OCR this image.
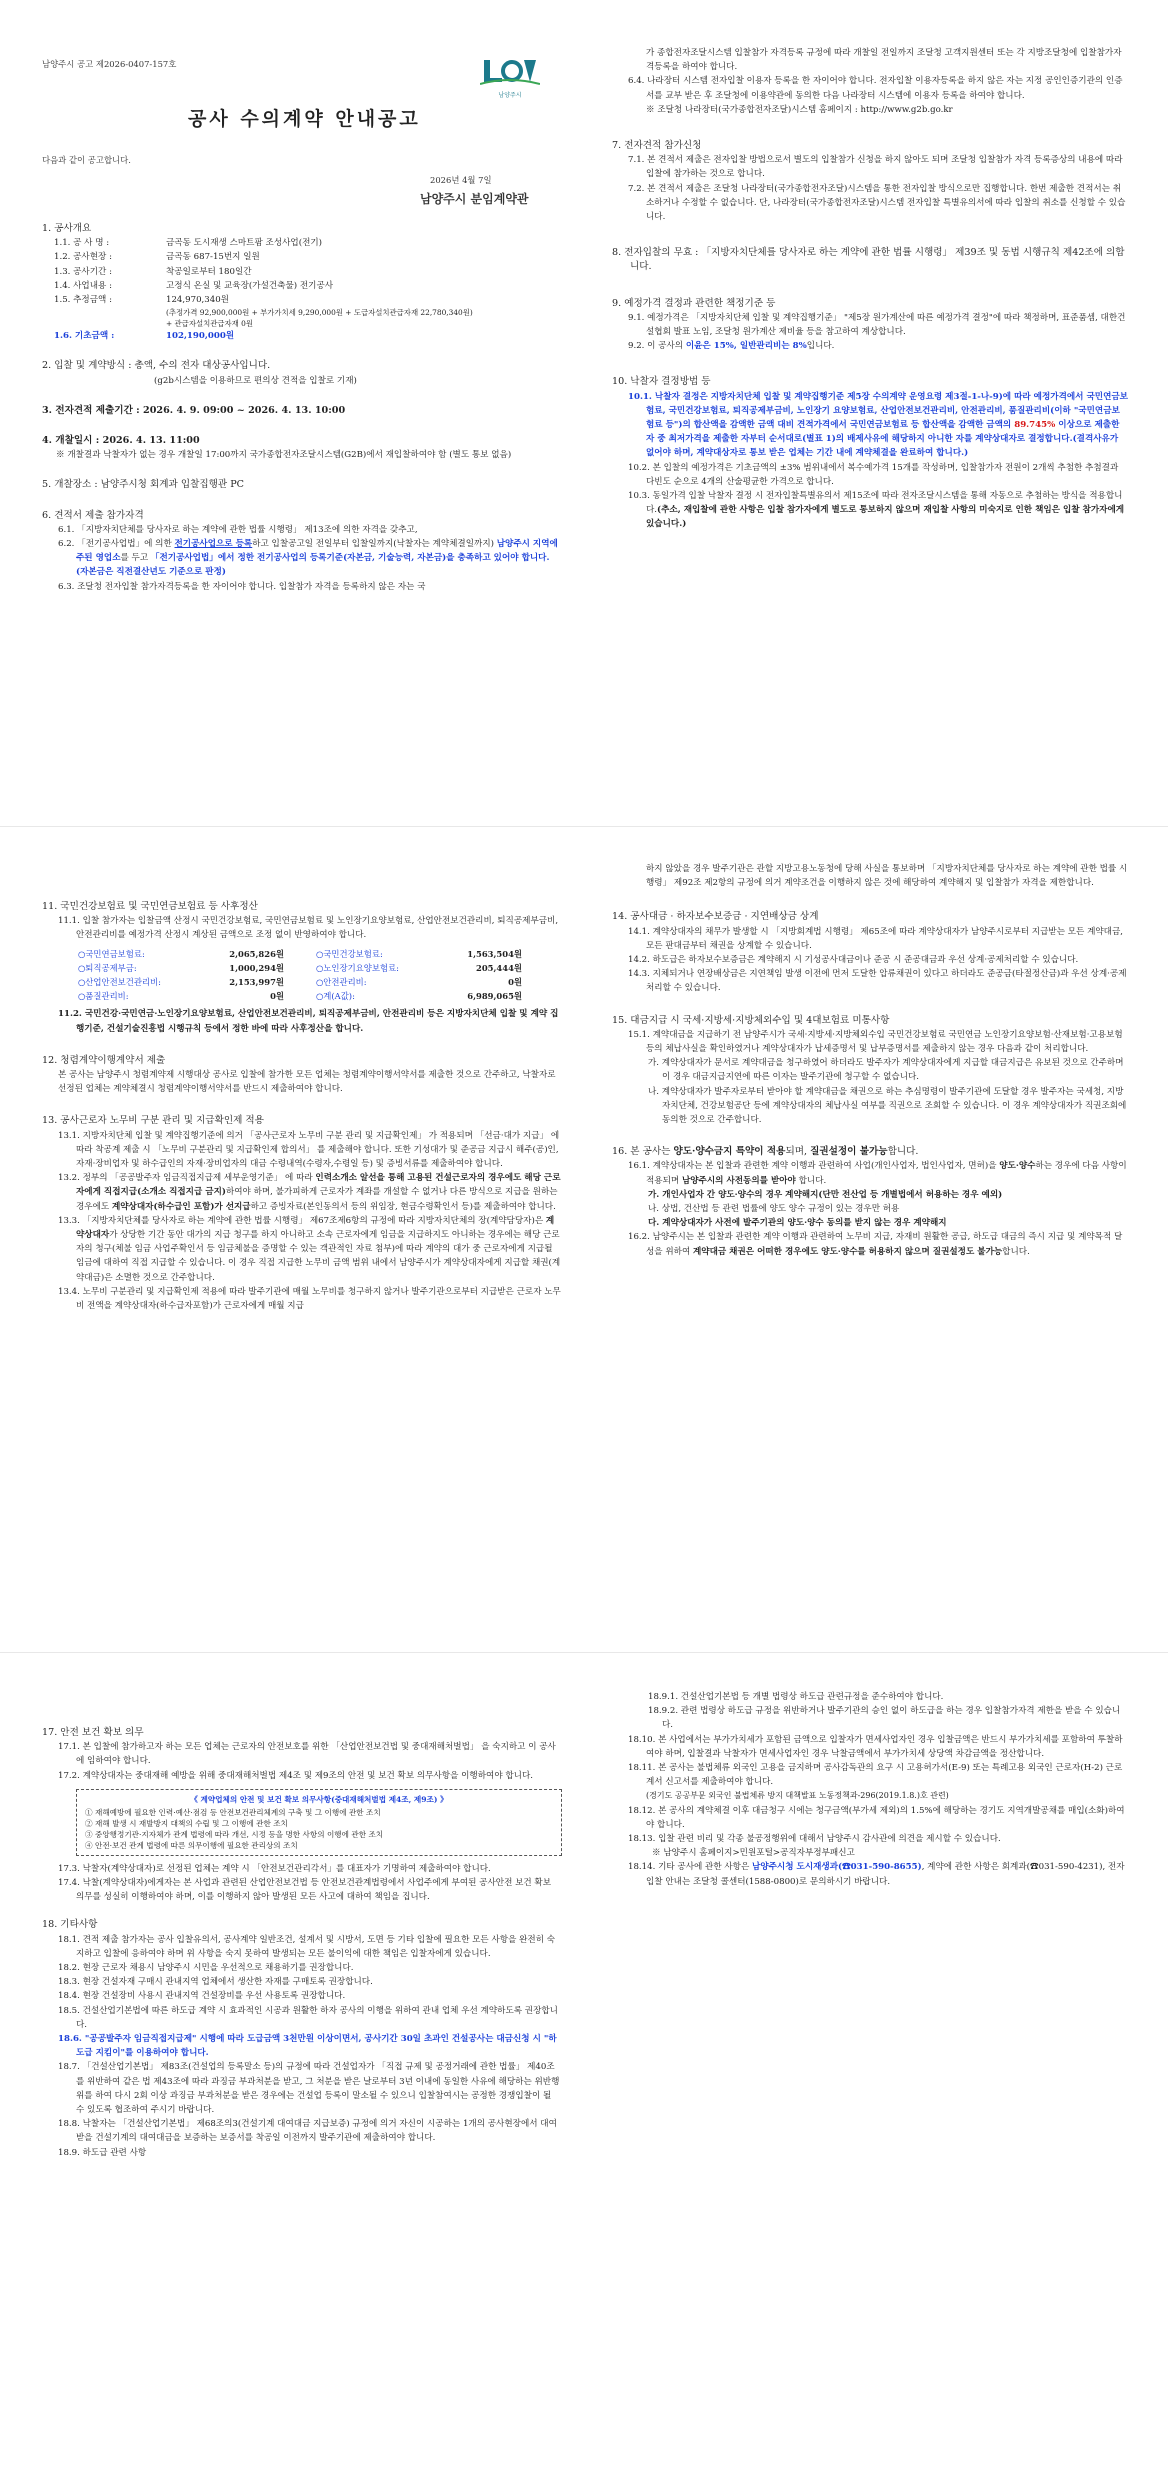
남양주시 공고 제2026-0407-157호
남양주시
공사 수의계약 안내공고
다음과 같이 공고합니다.
2026년 4월 7일
남양주시 분임계약관

1. 공사개요

1.1. 공 사 명 :	금곡동 도시재생 스마트팜 조성사업(전기)
1.2. 공사현장 :	금곡동 687-15번지 일원
1.3. 공사기간 :	착공일로부터 180일간
1.4. 사업내용 :	고정식 온실 및 교육장(가설건축물) 전기공사
1.5. 추정금액 :	124,970,340원
(추정가격 92,900,000원 + 부가가치세 9,290,000원 + 도급자설치관급자재 22,780,340원)
+ 관급자설치관급자재 0원
1.6. 기초금액 :	102,190,000원

2. 입찰 및 계약방식 : 총액, 수의 전자 대상공사입니다.

(g2b시스템을 이용하므로 편의상 견적을 입찰로 기재)

3. 전자견적 제출기간 : 2026. 4. 9. 09:00 ~ 2026. 4. 13. 10:00

4. 개찰일시 : 2026. 4. 13. 11:00

※ 개찰결과 낙찰자가 없는 경우 개찰일 17:00까지 국가종합전자조달시스템(G2B)에서 재입찰하여야 함 (별도 통보 없음)

5. 개찰장소 : 남양주시청 회계과 입찰집행관 PC

6. 견적서 제출 참가자격

6.1. 「지방자치단체를 당사자로 하는 계약에 관한 법률 시행령」 제13조에 의한 자격을 갖추고,

6.2. 「전기공사업법」에 의한 전기공사업으로 등록하고 입찰공고일 전일부터 입찰일까지(낙찰자는 계약체결일까지) 남양주시 지역에 주된 영업소를 두고 「전기공사업법」에서 정한 전기공사업의 등록기준(자본금, 기술능력, 자본금)을 충족하고 있어야 합니다. (자본금은 직전결산년도 기준으로 판정)

6.3. 조달청 전자입찰 참가자격등록을 한 자이어야 합니다. 입찰참가 자격을 등록하지 않은 자는 국

가 종합전자조달시스템 입찰참가 자격등록 규정에 따라 개찰일 전일까지 조달청 고객지원센터 또는 각 지방조달청에 입찰참가자격등록을 하여야 합니다.

6.4. 나라장터 시스템 전자입찰 이용자 등록을 한 자이어야 합니다. 전자입찰 이용자등록을 하지 않은 자는 지정 공인인증기관의 인증서를 교부 받은 후 조달청에 이용약관에 동의한 다음 나라장터 시스템에 이용자 등록을 하여야 합니다.

※ 조달청 나라장터(국가종합전자조달)시스템 홈페이지 : http://www.g2b.go.kr

7. 전자견적 참가신청

7.1. 본 견적서 제출은 전자입찰 방법으로서 별도의 입찰참가 신청을 하지 않아도 되며 조달청 입찰참가 자격 등록증상의 내용에 따라 입찰에 참가하는 것으로 합니다.

7.2. 본 견적서 제출은 조달청 나라장터(국가종합전자조달)시스템을 통한 전자입찰 방식으로만 집행합니다. 한번 제출한 견적서는 취소하거나 수정할 수 없습니다. 단, 나라장터(국가종합전자조달)시스템 전자입찰 특별유의서에 따라 입찰의 취소를 신청할 수 있습니다.

8. 전자입찰의 무효 : 「지방자치단체를 당사자로 하는 계약에 관한 법률 시행령」 제39조 및 동법 시행규칙 제42조에 의합니다.

9. 예정가격 결정과 관련한 책정기준 등

9.1. 예정가격은 「지방자치단체 입찰 및 계약집행기준」 "제5장 원가계산에 따른 예정가격 결정"에 따라 책정하며, 표준품셈, 대한건설협회 발표 노임, 조달청 원가계산 제비율 등을 참고하여 계상합니다.

9.2. 이 공사의 이윤은 15%, 일반관리비는 8%입니다.

10. 낙찰자 결정방법 등

10.1. 낙찰자 결정은 지방자치단체 입찰 및 계약집행기준 제5장 수의계약 운영요령 제3절-1-나-9)에 따라 예정가격에서 국민연금보험료, 국민건강보험료, 퇴직공제부금비, 노인장기 요양보험료, 산업안전보건관리비, 안전관리비, 품질관리비(이하 "국민연금보험료 등")의 합산액을 감액한 금액 대비 견적가격에서 국민연금보험료 등 합산액을 감액한 금액의 89.745% 이상으로 제출한 자 중 최저가격을 제출한 자부터 순서대로(별표 1)의 배제사유에 해당하지 아니한 자를 계약상대자로 결정합니다.(결격사유가 없어야 하며, 계약대상자로 통보 받은 업체는 기간 내에 계약체결을 완료하여 합니다.)

10.2. 본 입찰의 예정가격은 기초금액의 ±3% 범위내에서 복수예가격 15개를 작성하며, 입찰참가자 전원이 2개씩 추첨한 추첨결과 다빈도 순으로 4개의 산술평균한 가격으로 합니다.

10.3. 동일가격 입찰 낙찰자 결정 시 전자입찰특별유의서 제15조에 따라 전자조달시스템을 통해 자동으로 추첨하는 방식을 적용합니다.(추소, 재입찰에 관한 사항은 입찰 참가자에게 별도로 통보하지 않으며 재입찰 사항의 미숙지로 인한 책임은 입찰 참가자에게 있습니다.)

11. 국민건강보험료 및 국민연금보험료 등 사후정산

11.1. 입찰 참가자는 입찰금액 산정시 국민건강보험료, 국민연금보험료 및 노인장기요양보험료, 산업안전보건관리비, 퇴직공제부금비, 안전관리비를 예정가격 산정시 계상된 금액으로 조정 없이 반영하여야 합니다.

○국민연금보험료:	2,065,826원		○국민건강보험료:	1,563,504원
○퇴직공제부금:	1,000,294원		○노인장기요양보험료:	205,444원
○산업안전보건관리비:	2,153,997원		○안전관리비:	0원
○품질관리비:	0원		○계(A값):	6,989,065원

11.2. 국민건강·국민연금·노인장기요양보험료, 산업안전보건관리비, 퇴직공제부금비, 안전관리비 등은 지방자치단체 입찰 및 계약 집행기준, 건설기술진흥법 시행규칙 등에서 정한 바에 따라 사후정산을 합니다.

12. 청렴계약이행계약서 제출

본 공사는 남양주시 청렴계약제 시행대상 공사로 입찰에 참가한 모든 업체는 청렴계약이행서약서를 제출한 것으로 간주하고, 낙찰자로 선정된 업체는 계약체결시 청렴계약이행서약서를 반드시 제출하여야 합니다.

13. 공사근로자 노무비 구분 관리 및 지급확인제 적용

13.1. 지방자치단체 입찰 및 계약집행기준에 의거 「공사근로자 노무비 구분 관리 및 지급확인제」 가 적용되며 「선금·대가 지급」 에 따라 착공계 제출 시 「노무비 구분관리 및 지급확인제 합의서」 를 제출해야 합니다. 또한 기성대가 및 준공금 지급시 해주(공)인, 자재·장비업자 및 하수급인의 자재·장비업자의 대금 수령내역(수령자,수령일 등) 및 증빙서류를 제출하여야 합니다.

13.2. 정부의 「공공발주자 임금직접지급제 세부운영기준」 에 따라 인력소개소 알선을 통해 고용된 건설근로자의 경우에도 해당 근로자에게 직접지급(소개소 직접지급 금지)하여야 하며, 불가피하게 근로자가 계좌를 개설할 수 없거나 다른 방식으로 지급을 원하는 경우에도 계약상대자(하수급인 포함)가 선지급하고 증빙자료(본인동의서 등의 위임장, 현금수령확인서 등)를 제출하여야 합니다.

13.3. 「지방자치단체를 당사자로 하는 계약에 관한 법률 시행령」 제67조제6항의 규정에 따라 지방자치단체의 장(계약담당자)은 계약상대자가 상당한 기간 동안 대가의 지급 청구를 하지 아니하고 소속 근로자에게 임금을 지급하지도 아니하는 경우에는 해당 근로자의 청구(체불 임금 사업주확인서 등 임금체불을 증명할 수 있는 객관적인 자료 첨부)에 따라 계약의 대가 중 근로자에게 지급될 임금에 대하여 직접 지급할 수 있습니다. 이 경우 직접 지급한 노무비 금액 범위 내에서 남양주시가 계약상대자에게 지급할 채권(계약대금)은 소멸한 것으로 간주합니다.

13.4. 노무비 구분관리 및 지급확인제 적용에 따라 발주기관에 매월 노무비를 청구하지 않거나 발주기관으로부터 지급받은 근로자 노무비 전액을 계약상대자(하수급자포함)가 근로자에게 매월 지급

하지 않았을 경우 발주기관은 관할 지방고용노동청에 당해 사실을 통보하며 「지방자치단체를 당사자로 하는 계약에 관한 법률 시행령」 제92조 제2항의 규정에 의거 계약조건을 이행하지 않은 것에 해당하여 계약해지 및 입찰참가 자격을 제한합니다.

14. 공사대금 · 하자보수보증금 · 지연배상금 상계

14.1. 계약상대자의 채무가 발생할 시 「지방회계법 시행령」 제65조에 따라 계약상대자가 남양주시로부터 지급받는 모든 계약대금, 모든 판대금부터 채권을 상계할 수 있습니다.

14.2. 하도급은 하자보수보증금은 계약해지 시 기성공사대금이나 준공 시 준공대금과 우선 상계·공제처리할 수 있습니다.

14.3. 지체되거나 연장배상금은 지연책임 발생 이전에 먼저 도달한 압류채권이 있다고 하더라도 준공금(타절정산금)과 우선 상계·공제처리할 수 있습니다.

15. 대금지급 시 국세·지방세·지방체외수입 및 4대보험료 미통사항

15.1. 계약대금을 지급하기 전 남양주시가 국세·지방세·지방체외수입 국민건강보험료 국민연금 노인장기요양보험·산재보험·고용보험 등의 체납사실을 확인하였거나 계약상대자가 납세증명서 및 납부증명서를 제출하지 않는 경우 다음과 같이 처리합니다.

가. 계약상대자가 문서로 계약대금을 청구하였어 하더라도 발주자가 계약상대자에게 지급할 대금지급은 유보된 것으로 간주하며 이 경우 대금지급지연에 따른 이자는 발주기관에 청구할 수 없습니다.

나. 계약상대자가 발주자로부터 받아야 할 계약대금을 채권으로 하는 추심명령이 발주기관에 도달할 경우 발주자는 국세청, 지방자치단체, 건강보험공단 등에 계약상대자의 체납사실 여부를 직권으로 조회할 수 있습니다. 이 경우 계약상대자가 직권조회에 동의한 것으로 간주합니다.

16. 본 공사는 양도·양수금지 특약이 적용되며, 질권설정이 불가능합니다.

16.1. 계약상대자는 본 입찰과 관련한 계약 이행과 관련하여 사업(개인사업자, 법인사업자, 면허)을 양도·양수하는 경우에 다음 사항이 적용되며 남양주시의 사전동의를 받아야 합니다.

가. 개인사업자 간 양도·양수의 경우 계약해지(단만 전산업 등 개별법에서 허용하는 경우 예외)

나. 상법, 건산법 등 관련 법률에 양도 양수 규정이 있는 경우만 허용

다. 계약상대자가 사전에 발주기관의 양도·양수 동의를 받지 않는 경우 계약해지

16.2. 남양주시는 본 입찰과 관련한 계약 이행과 관련하여 노무비 지급, 자재비 원활한 공급, 하도급 대금의 즉시 지급 및 계약목적 달성을 위하여 계약대금 채권은 어떠한 경우에도 양도·양수를 허용하지 않으며 질권설정도 불가능합니다.

17. 안전 보건 확보 의무

17.1. 본 입찰에 참가하고자 하는 모든 업체는 근로자의 안전보호를 위한 「산업안전보건법 및 중대재해처벌법」 을 숙지하고 이 공사에 임하여야 합니다.

17.2. 계약상대자는 중대재해 예방을 위해 중대재해처벌법 제4조 및 제9조의 안전 및 보건 확보 의무사항을 이행하여야 합니다.

《 계약업체의 안전 및 보건 확보 의무사항(중대재해처벌법 제4조, 제9조) 》
① 재해예방에 필요한 인력·예산·점검 등 안전보건관리체계의 구축 및 그 이행에 관한 조치
② 재해 발생 시 재발방지 대책의 수립 및 그 이행에 관한 조치
③ 중앙행정기관·지자체가 관계 법령에 따라 개선, 시정 등을 명한 사항의 이행에 관한 조치
④ 안전·보건 관계 법령에 따른 의무이행에 필요한 관리상의 조치

17.3. 낙찰자(계약상대자)로 선정된 업체는 계약 시 「안전보건관리각서」를 대표자가 기명하여 제출하여야 합니다.

17.4. 낙찰(계약상대자)에게자는 본 사업과 관련된 산업안전보건법 등 안전보건관계법령에서 사업주에게 부여된 공사안전 보건 확보 의무를 성실히 이행하여야 하며, 이를 이행하지 않아 발생된 모든 사고에 대하여 책임을 집니다.

18. 기타사항

18.1. 견적 제출 참가자는 공사 입찰유의서, 공사계약 일반조건, 설계서 및 시방서, 도면 등 기타 입찰에 필요한 모든 사항을 완전히 숙지하고 입찰에 응하여야 하며 위 사항을 숙지 못하여 발생되는 모든 불이익에 대한 책임은 입찰자에게 있습니다.

18.2. 현장 근로자 채용시 남양주시 시민을 우선적으로 채용하기를 권장합니다.

18.3. 현장 건설자재 구매시 관내지역 업체에서 생산한 자재를 구매토록 권장합니다.

18.4. 현장 건설장비 사용시 관내지역 건설장비를 우선 사용토록 권장합니다.

18.5. 건설산업기본법에 따른 하도급 계약 시 효과적인 시공과 원활한 하자 공사의 이행을 위하여 관내 업체 우선 계약하도록 권장합니다.

18.6. "공공발주자 임금직접지급제" 시행에 따라 도급금액 3천만원 이상이면서, 공사기간 30일 초과인 건설공사는 대금신청 시 "하도급 지킴이"를 이용하여야 합니다.

18.7. 「건설산업기본법」 제83조(건설업의 등록말소 등)의 규정에 따라 건설업자가 「직접 규제 및 공정거래에 관한 법률」 제40조를 위반하여 같은 법 제43조에 따라 과징금 부과처분을 받고, 그 처분을 받은 날로부터 3년 이내에 동일한 사유에 해당하는 위반행위를 하여 다시 2회 이상 과징금 부과처분을 받은 경우에는 건설업 등록이 말소될 수 있으니 입찰참여시는 공정한 경쟁입찰이 될 수 있도록 협조하여 주시기 바랍니다.

18.8. 낙찰자는 「건설산업기본법」 제68조의3(건설기계 대여대금 지급보증) 규정에 의거 자신이 시공하는 1개의 공사현장에서 대여받을 건설기계의 대여대금을 보증하는 보증서를 착공일 이전까지 발주기관에 제출하여야 합니다.

18.9. 하도급 관련 사항

18.9.1. 건설산업기본법 등 개별 법령상 하도급 관련규정을 준수하여야 합니다.

18.9.2. 관련 법령상 하도급 규정을 위반하거나 발주기관의 승인 없이 하도급을 하는 경우 입찰참가자격 제한을 받을 수 있습니다.

18.10. 본 사업에서는 부가가치세가 포함된 금액으로 입찰자가 면세사업자인 경우 입찰금액은 반드시 부가가치세를 포함하여 투찰하여야 하며, 입찰결과 낙찰자가 면세사업자인 경우 낙찰금액에서 부가가치세 상당액 차감금액을 정산합니다.

18.11. 본 공사는 불법체류 외국인 고용을 금지하며 공사감독관의 요구 시 고용허가서(E-9) 또는 특례고용 외국인 근로자(H-2) 근로계서 신고서를 제출하여야 합니다.

(경기도 공공부문 외국인 불법체류 방지 대책발표 노동정책과-296(2019.1.8.)호 관련)

18.12. 본 공사의 계약체결 이후 대금청구 시에는 청구금액(부가세 제외)의 1.5%에 해당하는 경기도 지역개발공채를 매입(소화)하여야 합니다.

18.13. 입찰 관련 비리 및 각종 불공정행위에 대해서 남양주시 감사관에 의견을 제시할 수 있습니다.

※ 남양주시 홈페이지>민원포털>공직자부정부패신고

18.14. 기타 공사에 관한 사항은 남양주시청 도시재생과(☎031-590-8655), 계약에 관한 사항은 회계과(☎031-590-4231), 전자입찰 안내는 조달청 콜센터(1588-0800)로 문의하시기 바랍니다.
